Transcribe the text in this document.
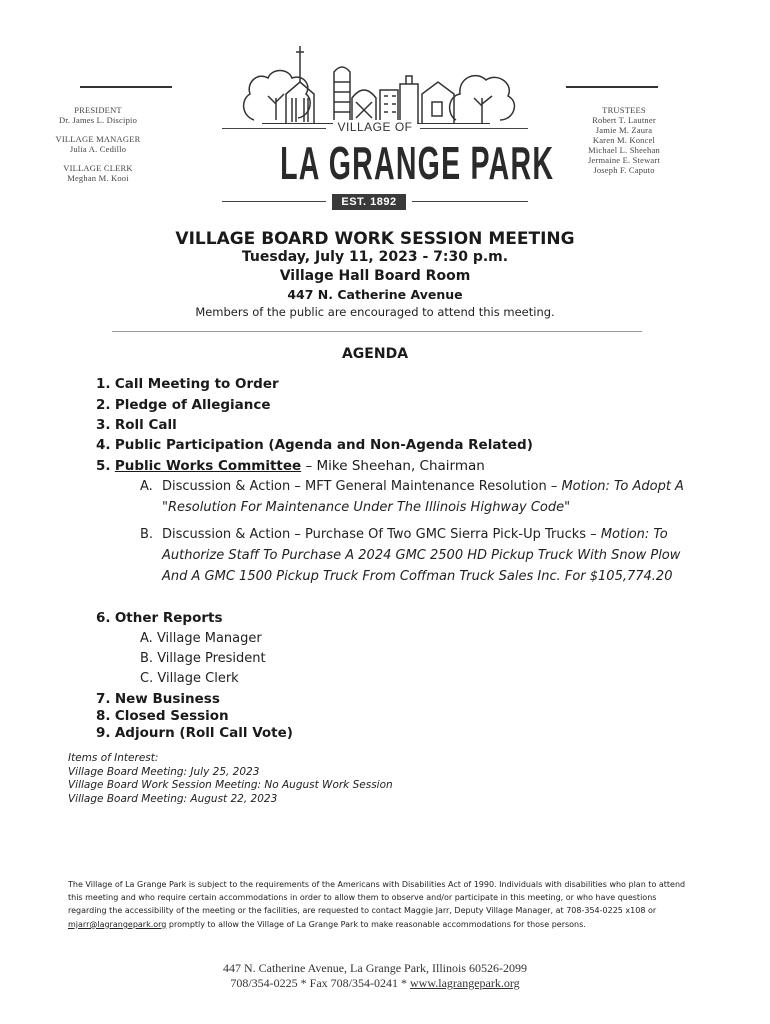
PRESIDENT
Dr. James L. Discipio
VILLAGE MANAGER
Julia A. Cedillo
VILLAGE CLERK
Meghan M. Kooi
TRUSTEES
Robert T. Lautner
Jamie M. Zaura
Karen M. Koncel
Michael L. Sheehan
Jermaine E. Stewart
Joseph F. Caputo
VILLAGE OF
LA GRANGE PARK
EST. 1892
VILLAGE BOARD WORK SESSION MEETING
Tuesday, July 11, 2023 - 7:30 p.m.
Village Hall Board Room
447 N. Catherine Avenue
Members of the public are encouraged to attend this meeting.
AGENDA
1. Call Meeting to Order
2. Pledge of Allegiance
3. Roll Call
4. Public Participation (Agenda and Non-Agenda Related)
5. Public Works Committee – Mike Sheehan, Chairman
A. Discussion & Action – MFT General Maintenance Resolution – Motion: To Adopt A "Resolution For Maintenance Under The Illinois Highway Code"
B. Discussion & Action – Purchase Of Two GMC Sierra Pick-Up Trucks – Motion: To Authorize Staff To Purchase A 2024 GMC 2500 HD Pickup Truck With Snow Plow And A GMC 1500 Pickup Truck From Coffman Truck Sales Inc. For $105,774.20
6. Other Reports
A. Village Manager
B. Village President
C. Village Clerk
7. New Business
8. Closed Session
9. Adjourn (Roll Call Vote)
Items of Interest:
Village Board Meeting: July 25, 2023
Village Board Work Session Meeting: No August Work Session
Village Board Meeting: August 22, 2023
The Village of La Grange Park is subject to the requirements of the Americans with Disabilities Act of 1990. Individuals with disabilities who plan to attend this meeting and who require certain accommodations in order to allow them to observe and/or participate in this meeting, or who have questions regarding the accessibility of the meeting or the facilities, are requested to contact Maggie Jarr, Deputy Village Manager, at 708-354-0225 x108 or mjarr@lagrangepark.org promptly to allow the Village of La Grange Park to make reasonable accommodations for those persons.
447 N. Catherine Avenue, La Grange Park, Illinois 60526-2099
708/354-0225 * Fax 708/354-0241 * www.lagrangepark.org
